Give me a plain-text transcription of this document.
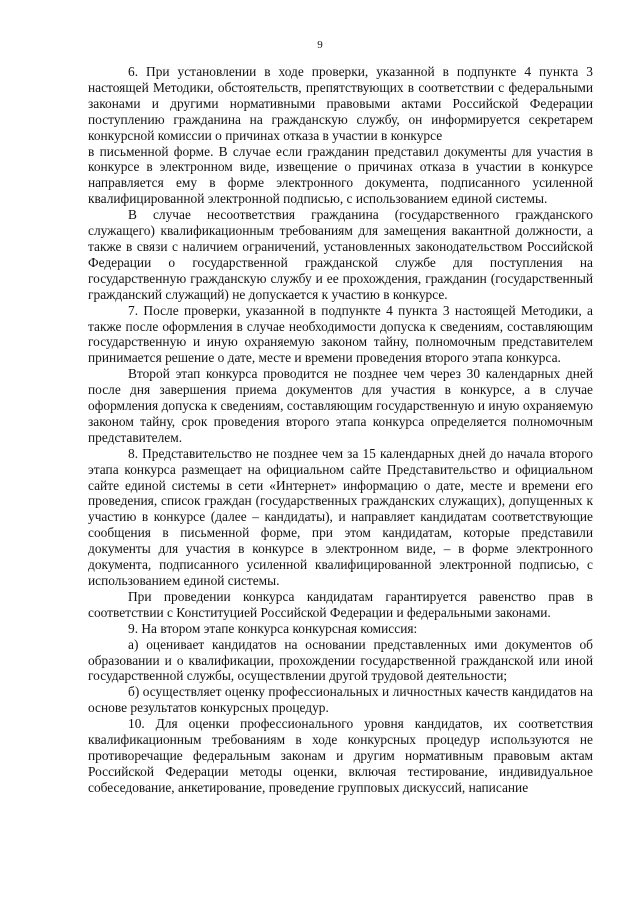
9

6. При установлении в ходе проверки, указанной в подпункте 4 пункта 3 настоящей Методики, обстоятельств, препятствующих в соответствии с федеральными законами и другими нормативными правовыми актами Российской Федерации поступлению гражданина на гражданскую службу, он информируется секретарем конкурсной комиссии о причинах отказа в участии в конкурсе

в письменной форме. В случае если гражданин представил документы для участия в конкурсе в электронном виде, извещение о причинах отказа в участии в конкурсе направляется ему в форме электронного документа, подписанного усиленной квалифицированной электронной подписью, с использованием единой системы.

В случае несоответствия гражданина (государственного гражданского служащего) квалификационным требованиям для замещения вакантной должности, а также в связи с наличием ограничений, установленных законодательством Российской Федерации о государственной гражданской службе для поступления на государственную гражданскую службу и ее прохождения, гражданин (государственный гражданский служащий) не допускается к участию в конкурсе.

7. После проверки, указанной в подпункте 4 пункта 3 настоящей Методики, а также после оформления в случае необходимости допуска к сведениям, составляющим государственную и иную охраняемую законом тайну, полномочным представителем принимается решение о дате, месте и времени проведения второго этапа конкурса.

Второй этап конкурса проводится не позднее чем через 30 календарных дней после дня завершения приема документов для участия в конкурсе, а в случае оформления допуска к сведениям, составляющим государственную и иную охраняемую законом тайну, срок проведения второго этапа конкурса определяется полномочным представителем.

8. Представительство не позднее чем за 15 календарных дней до начала второго этапа конкурса размещает на официальном сайте Представительство и официальном сайте единой системы в сети «Интернет» информацию о дате, месте и времени его проведения, список граждан (государственных гражданских служащих), допущенных к участию в конкурсе (далее – кандидаты), и направляет кандидатам соответствующие сообщения в письменной форме, при этом кандидатам, которые представили документы для участия в конкурсе в электронном виде, – в форме электронного документа, подписанного усиленной квалифицированной электронной подписью, с использованием единой системы.

При проведении конкурса кандидатам гарантируется равенство прав в соответствии с Конституцией Российской Федерации и федеральными законами.

9. На втором этапе конкурса конкурсная комиссия:

а) оценивает кандидатов на основании представленных ими документов об образовании и о квалификации, прохождении государственной гражданской или иной государственной службы, осуществлении другой трудовой деятельности;

б) осуществляет оценку профессиональных и личностных качеств кандидатов на основе результатов конкурсных процедур.

10. Для оценки профессионального уровня кандидатов, их соответствия квалификационным требованиям в ходе конкурсных процедур используются не противоречащие федеральным законам и другим нормативным правовым актам Российской Федерации методы оценки, включая тестирование, индивидуальное собеседование, анкетирование, проведение групповых дискуссий, написание
